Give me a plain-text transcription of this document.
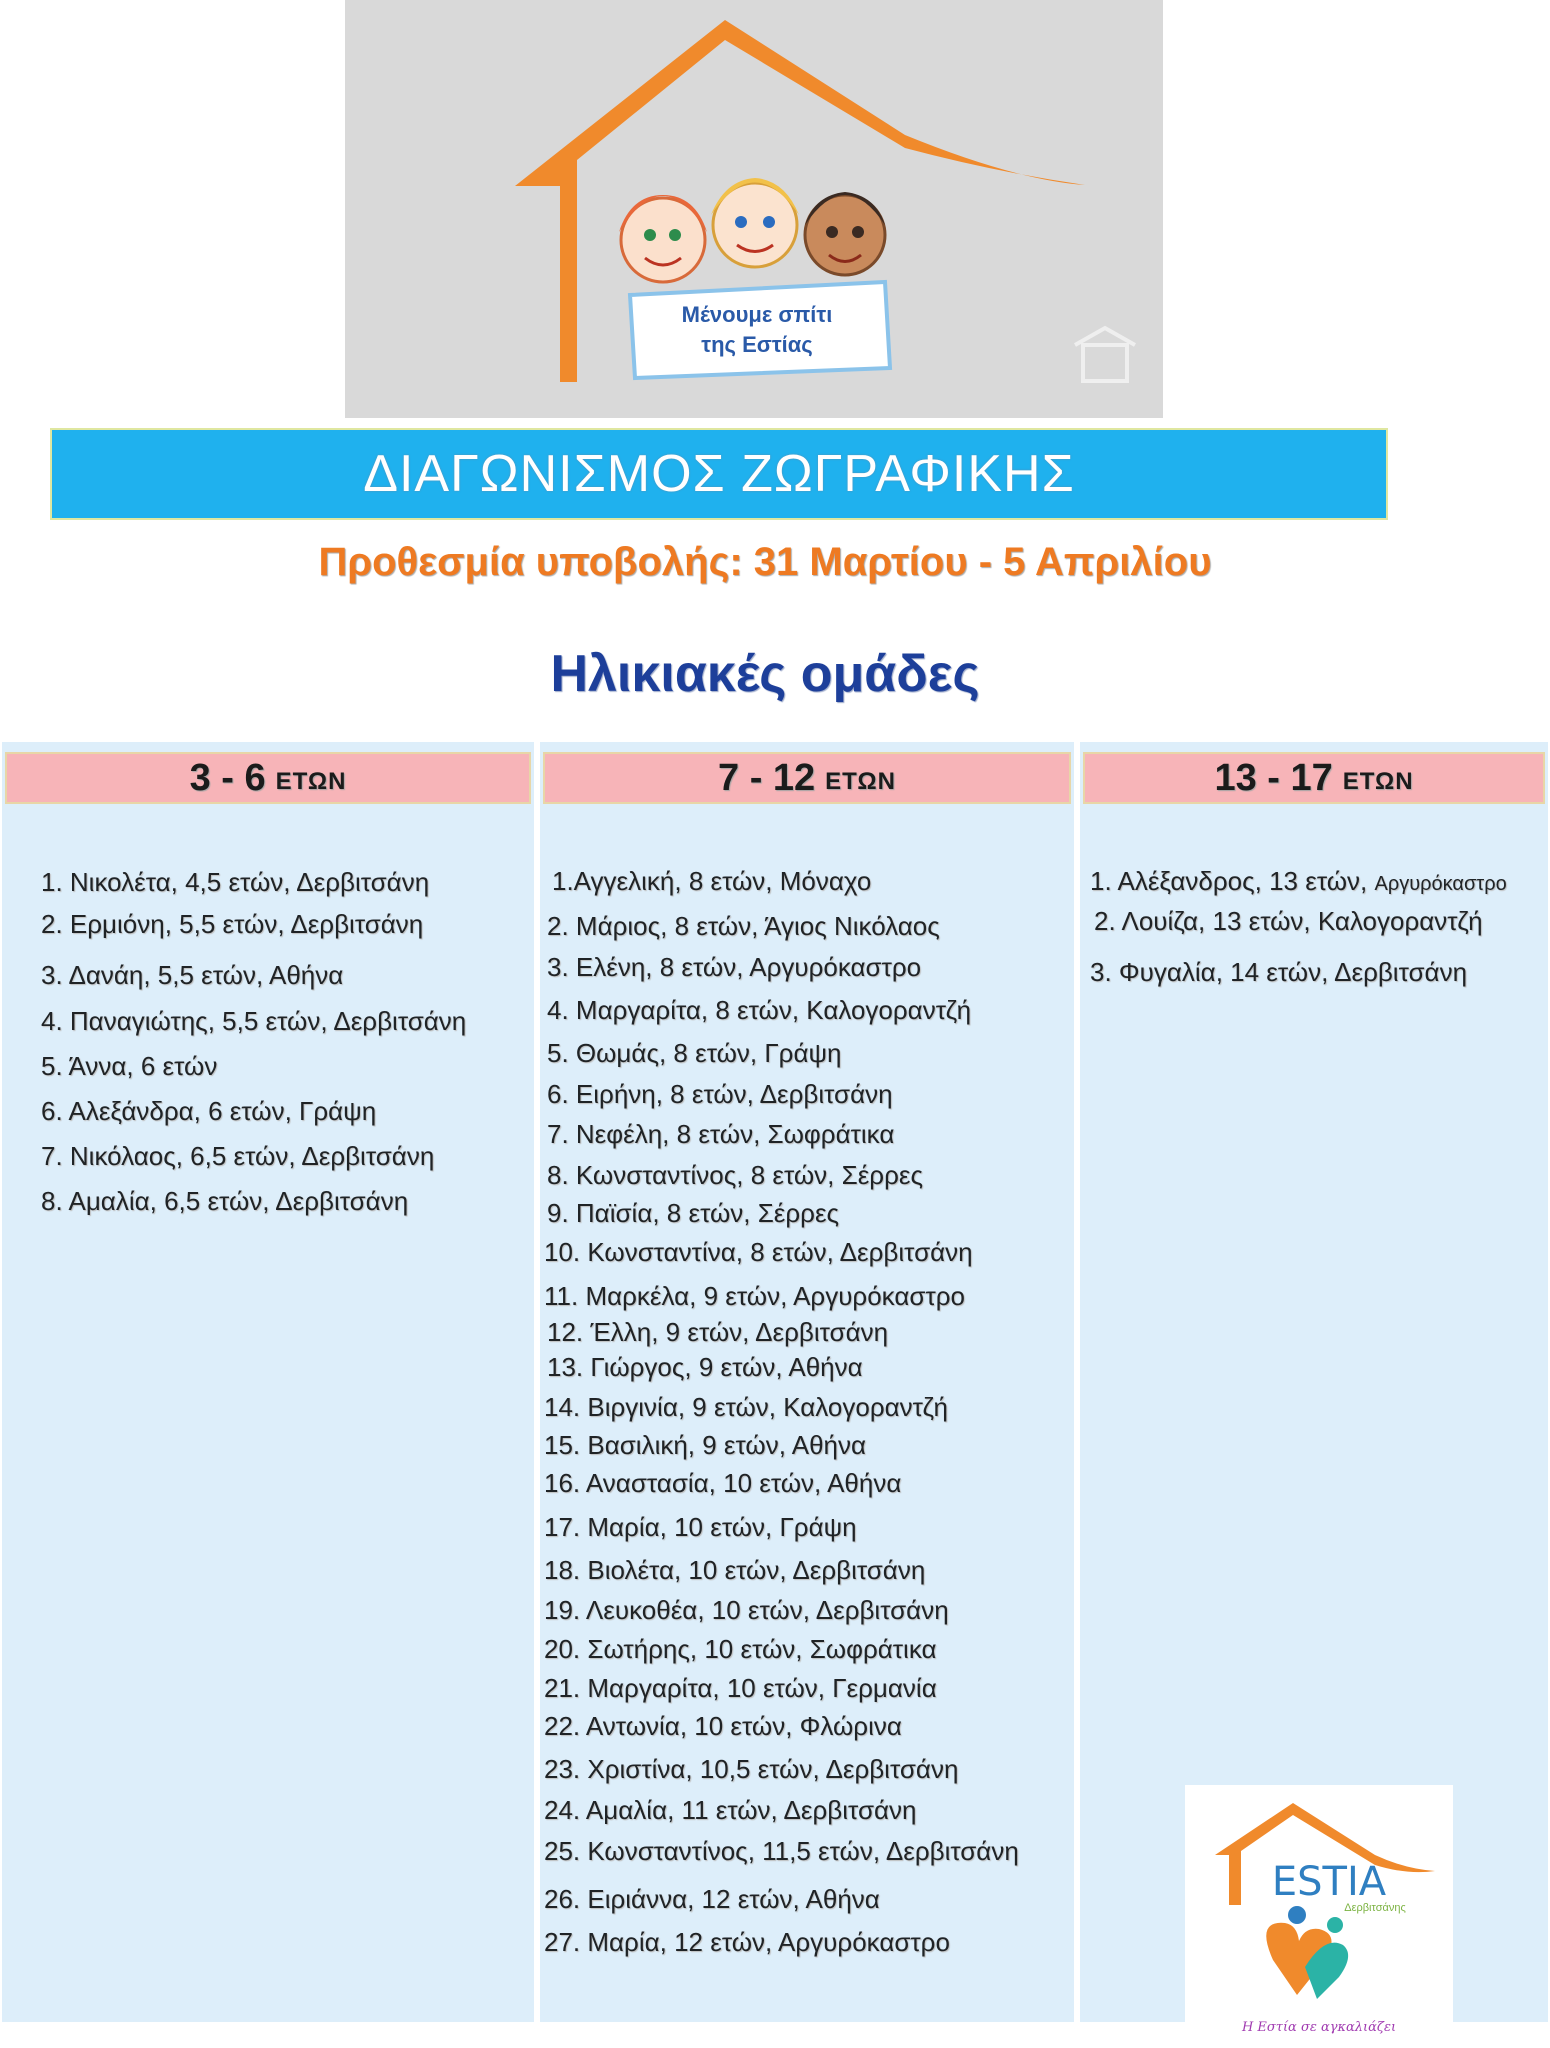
Μένουμε σπίτι
της Εστίας
ΔΙΑΓΩΝΙΣΜΟΣ ΖΩΓΡΑΦΙΚΗΣ
Προθεσμία υποβολής: 31 Μαρτίου - 5 Απριλίου
Ηλικιακές ομάδες
3 - 6 ΕΤΩΝ
1. Νικολέτα, 4,5 ετών, Δερβιτσάνη
2. Ερμιόνη, 5,5 ετών, Δερβιτσάνη
3. Δανάη, 5,5 ετών, Αθήνα
4. Παναγιώτης, 5,5 ετών, Δερβιτσάνη
5. Άννα, 6 ετών
6. Αλεξάνδρα, 6 ετών, Γράψη
7. Νικόλαος, 6,5 ετών, Δερβιτσάνη
8. Αμαλία, 6,5 ετών, Δερβιτσάνη
7 - 12 ΕΤΩΝ
1.Αγγελική, 8 ετών, Μόναχο
2. Μάριος, 8 ετών, Άγιος Νικόλαος
3. Ελένη, 8 ετών, Αργυρόκαστρο
4. Μαργαρίτα, 8 ετών, Καλογοραντζή
5. Θωμάς, 8 ετών, Γράψη
6. Ειρήνη, 8 ετών, Δερβιτσάνη
7. Νεφέλη, 8 ετών, Σωφράτικα
8. Κωνσταντίνος, 8 ετών, Σέρρες
9. Παϊσία, 8 ετών, Σέρρες
10. Κωνσταντίνα, 8 ετών, Δερβιτσάνη
11. Μαρκέλα, 9 ετών, Αργυρόκαστρο
12. Έλλη, 9 ετών, Δερβιτσάνη
13. Γιώργος, 9 ετών, Αθήνα
14. Βιργινία, 9 ετών, Καλογοραντζή
15. Βασιλική, 9 ετών, Αθήνα
16. Αναστασία, 10 ετών, Αθήνα
17. Μαρία, 10 ετών, Γράψη
18. Βιολέτα, 10 ετών, Δερβιτσάνη
19. Λευκοθέα, 10 ετών, Δερβιτσάνη
20. Σωτήρης, 10 ετών, Σωφράτικα
21. Μαργαρίτα, 10 ετών, Γερμανία
22. Αντωνία, 10 ετών, Φλώρινα
23. Χριστίνα, 10,5 ετών, Δερβιτσάνη
24. Αμαλία, 11 ετών, Δερβιτσάνη
25. Κωνσταντίνος, 11,5 ετών, Δερβιτσάνη
26. Ειριάννα, 12 ετών, Αθήνα
27. Μαρία, 12 ετών, Αργυρόκαστρο
13 - 17 ΕΤΩΝ
1. Αλέξανδρος, 13 ετών, Αργυρόκαστρο
2. Λουίζα, 13 ετών, Καλογοραντζή
3. Φυγαλία, 14 ετών, Δερβιτσάνη
ESTIA
Δερβιτσάνης
Η Εστία σε αγκαλιάζει
